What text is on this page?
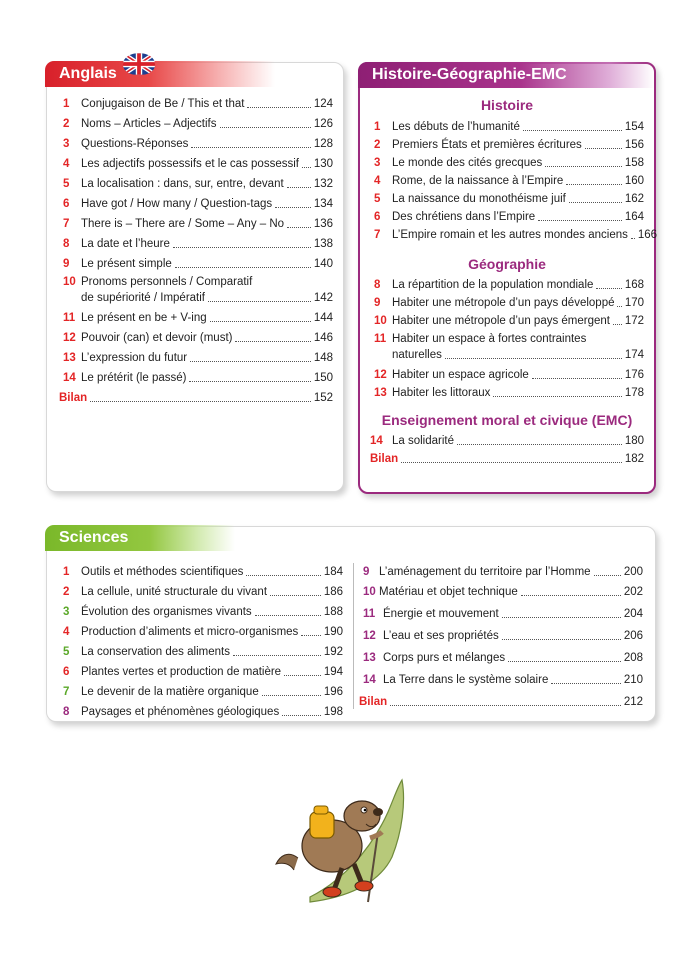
Anglais
1	Conjugaison de Be / This et that	124
2	Noms – Articles – Adjectifs	126
3	Questions-Réponses	128
4	Les adjectifs possessifs et le cas possessif 130
5	La localisation : dans, sur, entre, devant	132
6	Have got / How many / Question-tags	134
7	There is – There are / Some – Any – No	136
8	La date et l’heure	138
9	Le présent simple	140
10 Pronoms personnels / Comparatif
de supériorité / Impératif	142
11 Le présent en be + V-ing	144
12 Pouvoir (can) et devoir (must)	146
13 L’expression du futur	148
14 Le prétérit (le passé)	150
Bilan	152
Histoire-Géographie-EMC
Histoire
1	Les débuts de l’humanité	154
2	Premiers États et premières écritures	156
3	Le monde des cités grecques	158
4	Rome, de la naissance à l’Empire	160
5	La naissance du monothéisme juif	162
6	Des chrétiens dans l’Empire	164
7	L’Empire romain et les autres mondes anciens 166
Géographie
8	La répartition de la population mondiale	168
9	Habiter une métropole d’un pays développé 170
10 Habiter une métropole d’un pays émergent 172
11 Habiter un espace à fortes contraintes
naturelles	174
12 Habiter un espace agricole	176
13 Habiter les littoraux	178
Enseignement moral et civique (EMC)
14 La solidarité	180
Bilan	182
Sciences
1	Outils et méthodes scientifiques	184
2	La cellule, unité structurale du vivant	186
3	Évolution des organismes vivants	188
4	Production d’aliments et micro-organismes 190
5	La conservation des aliments	192
6	Plantes vertes et production de matière	194
7	Le devenir de la matière organique	196
8	Paysages et phénomènes géologiques	198
9 L’aménagement du territoire par l’Homme	200
10 Matériau et objet technique	202
11 Énergie et mouvement	204
12 L’eau et ses propriétés	206
13 Corps purs et mélanges	208
14 La Terre dans le système solaire	210
Bilan	212
